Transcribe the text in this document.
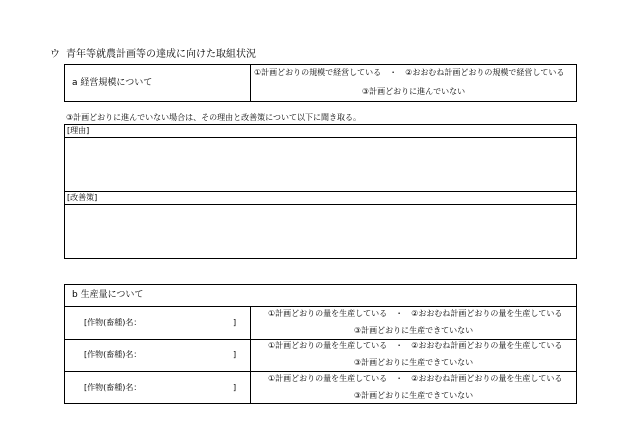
ウ 青年等就農計画等の達成に向けた取組状況
a 経営規模について
①計画どおりの規模で経営している　・　②おおむね計画どおりの規模で経営している
③計画どおりに進んでいない
③計画どおりに進んでいない場合は、その理由と改善策について以下に聞き取る。
[理由]
[改善策]
b 生産量について
[作物(畜種)名：	]
①計画どおりの量を生産している　・　②おおむね計画どおりの量を生産している
③計画どおりに生産できていない
[作物(畜種)名：	]
①計画どおりの量を生産している　・　②おおむね計画どおりの量を生産している
③計画どおりに生産できていない
[作物(畜種)名：	]
①計画どおりの量を生産している　・　②おおむね計画どおりの量を生産している
③計画どおりに生産できていない
